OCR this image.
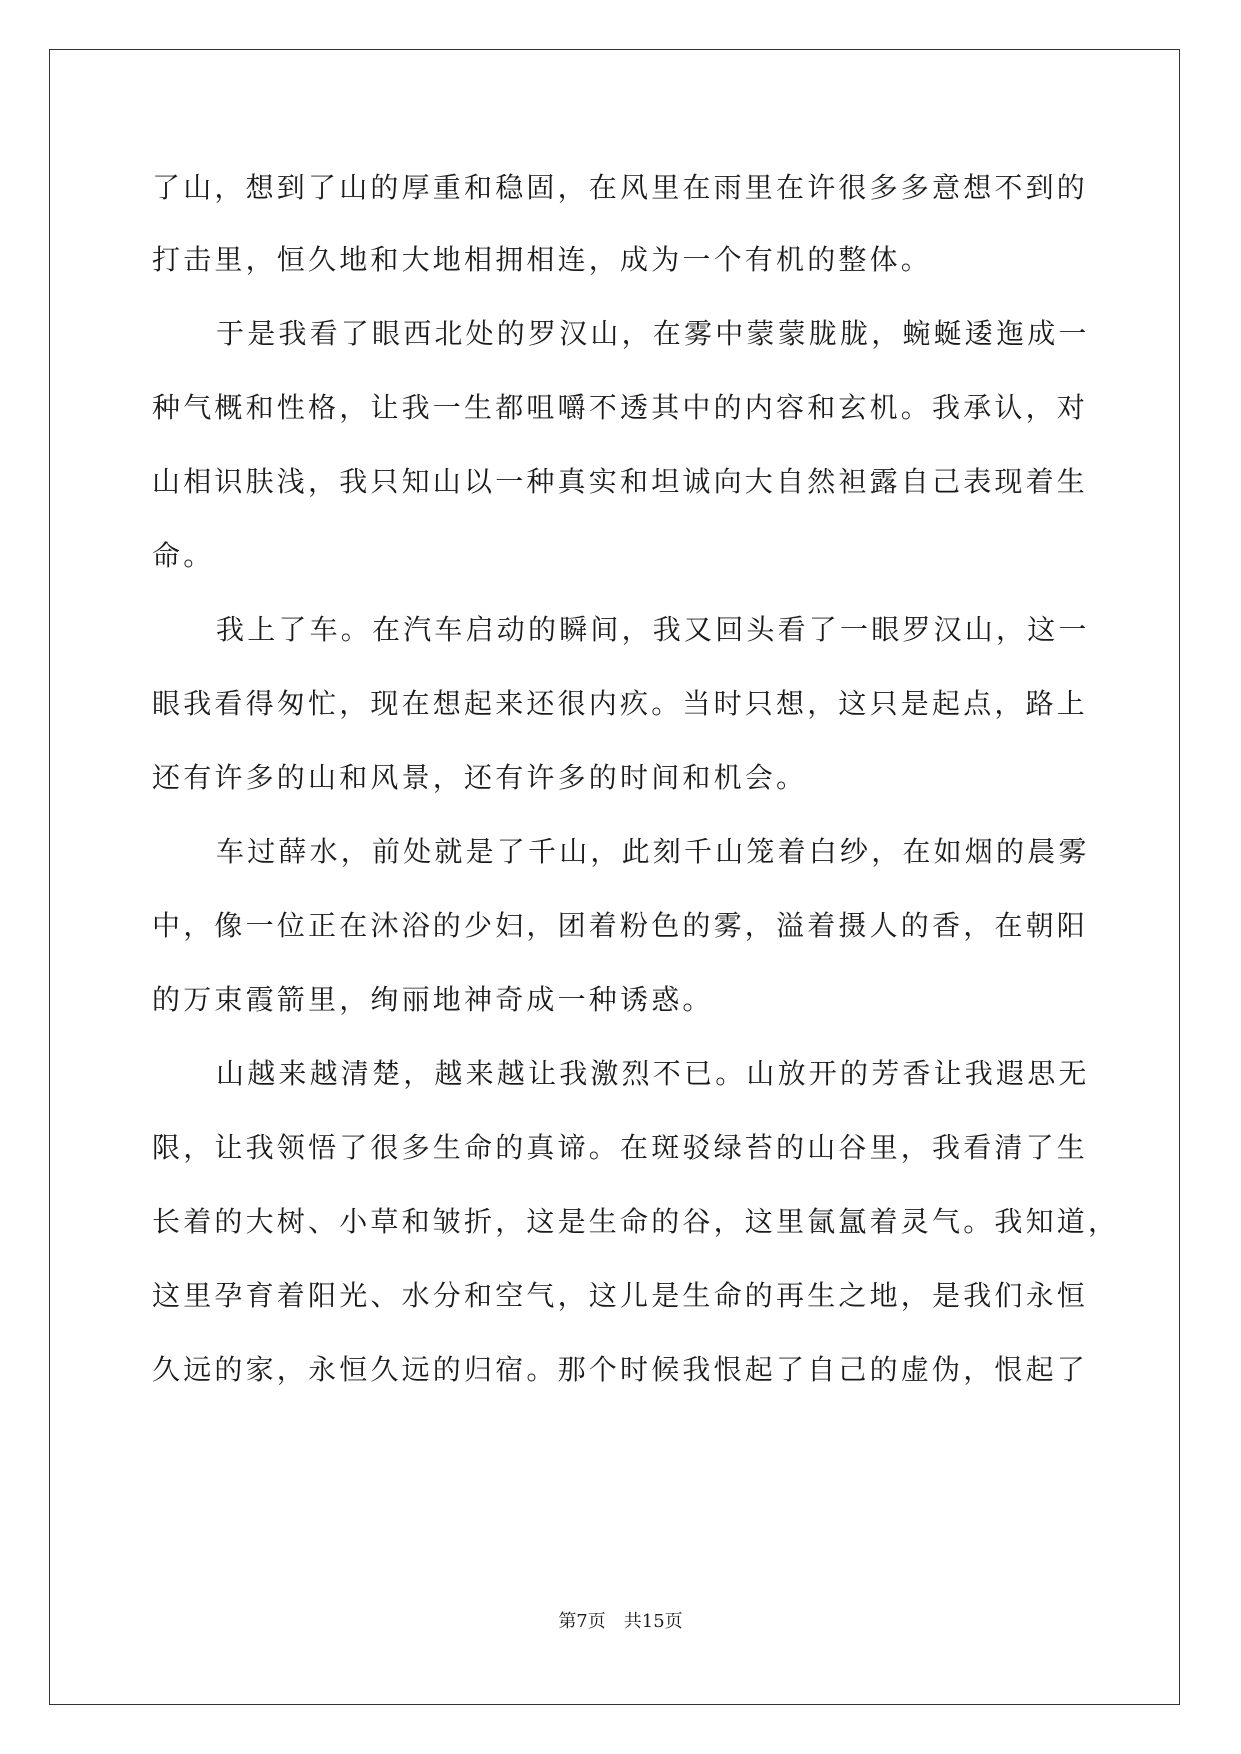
了山，想到了山的厚重和稳固，在风里在雨里在许很多多意想不到的
打击里，恒久地和大地相拥相连，成为一个有机的整体。
于是我看了眼西北处的罗汉山，在雾中蒙蒙胧胧，蜿蜒逶迤成一
种气概和性格，让我一生都咀嚼不透其中的内容和玄机。我承认，对
山相识肤浅，我只知山以一种真实和坦诚向大自然袒露自己表现着生
命。
我上了车。在汽车启动的瞬间，我又回头看了一眼罗汉山，这一
眼我看得匆忙，现在想起来还很内疚。当时只想，这只是起点，路上
还有许多的山和风景，还有许多的时间和机会。
车过薛水，前处就是了千山，此刻千山笼着白纱，在如烟的晨雾
中，像一位正在沐浴的少妇，团着粉色的雾，溢着摄人的香，在朝阳
的万束霞箭里，绚丽地神奇成一种诱惑。
山越来越清楚，越来越让我激烈不已。山放开的芳香让我遐思无
限，让我领悟了很多生命的真谛。在斑驳绿苔的山谷里，我看清了生
长着的大树、小草和皱折，这是生命的谷，这里氤氲着灵气。我知道，
这里孕育着阳光、水分和空气，这儿是生命的再生之地，是我们永恒
久远的家，永恒久远的归宿。那个时候我恨起了自己的虚伪，恨起了
第7页 共15页
